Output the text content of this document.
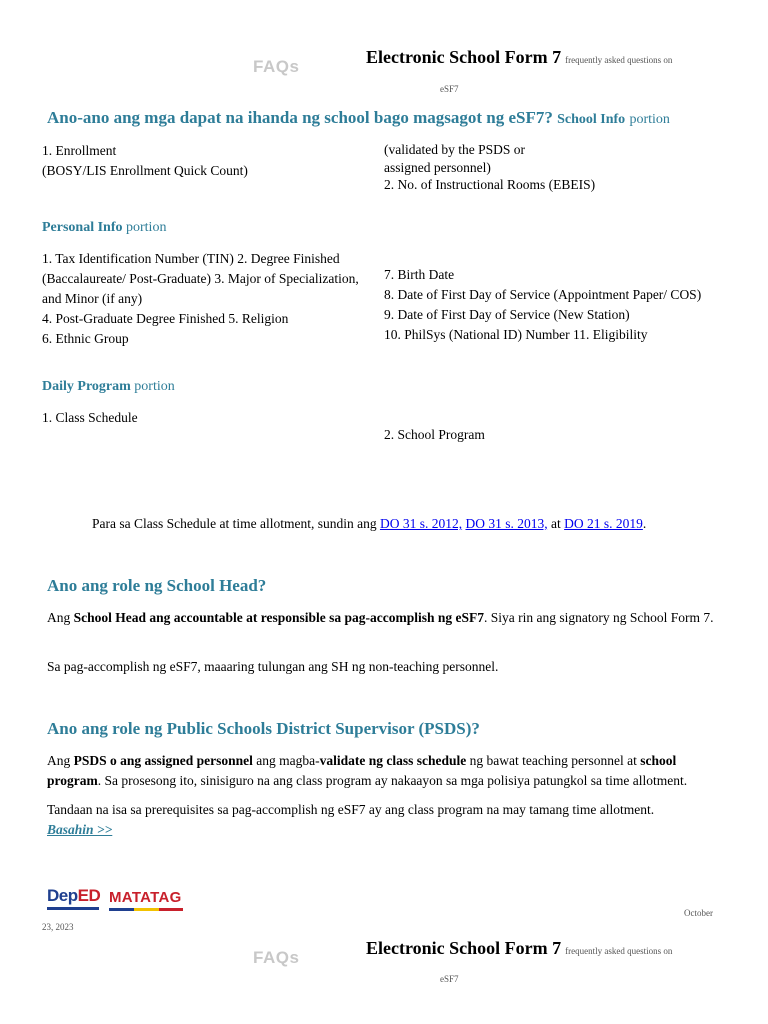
FAQs	Electronic School Form 7 frequently asked questions on
eSF7
Ano-ano ang mga dapat na ihanda ng school bago magsagot ng eSF7? School Info portion
1. Enrollment
(BOSY/LIS Enrollment Quick Count)
(validated by the PSDS or
assigned personnel)
2. No. of Instructional Rooms (EBEIS)
Personal Info portion
1. Tax Identification Number (TIN) 2. Degree Finished
(Baccalaureate/ Post-Graduate) 3. Major of Specialization,
and Minor (if any)
4. Post-Graduate Degree Finished 5. Religion
6. Ethnic Group
7. Birth Date
8. Date of First Day of Service (Appointment Paper/ COS)
9. Date of First Day of Service (New Station)
10. PhilSys (National ID) Number 11. Eligibility
Daily Program portion
1. Class Schedule
2. School Program
Para sa Class Schedule at time allotment, sundin ang DO 31 s. 2012, DO 31 s. 2013, at DO 21 s. 2019.
Ano ang role ng School Head?
Ang School Head ang accountable at responsible sa pag-accomplish ng eSF7. Siya rin ang signatory ng School Form 7.
Sa pag-accomplish ng eSF7, maaaring tulungan ang SH ng non-teaching personnel.
Ano ang role ng Public Schools District Supervisor (PSDS)?
Ang PSDS o ang assigned personnel ang magba-validate ng class schedule ng bawat teaching personnel at school program. Sa prosesong ito, sinisiguro na ang class program ay nakaayon sa mga polisiya patungkol sa time allotment.
Tandaan na isa sa prerequisites sa pag-accomplish ng eSF7 ay ang class program na may tamang time allotment.
Basahin >>
DepED MATATAG
October
23, 2023
FAQs	Electronic School Form 7 frequently asked questions on
eSF7
